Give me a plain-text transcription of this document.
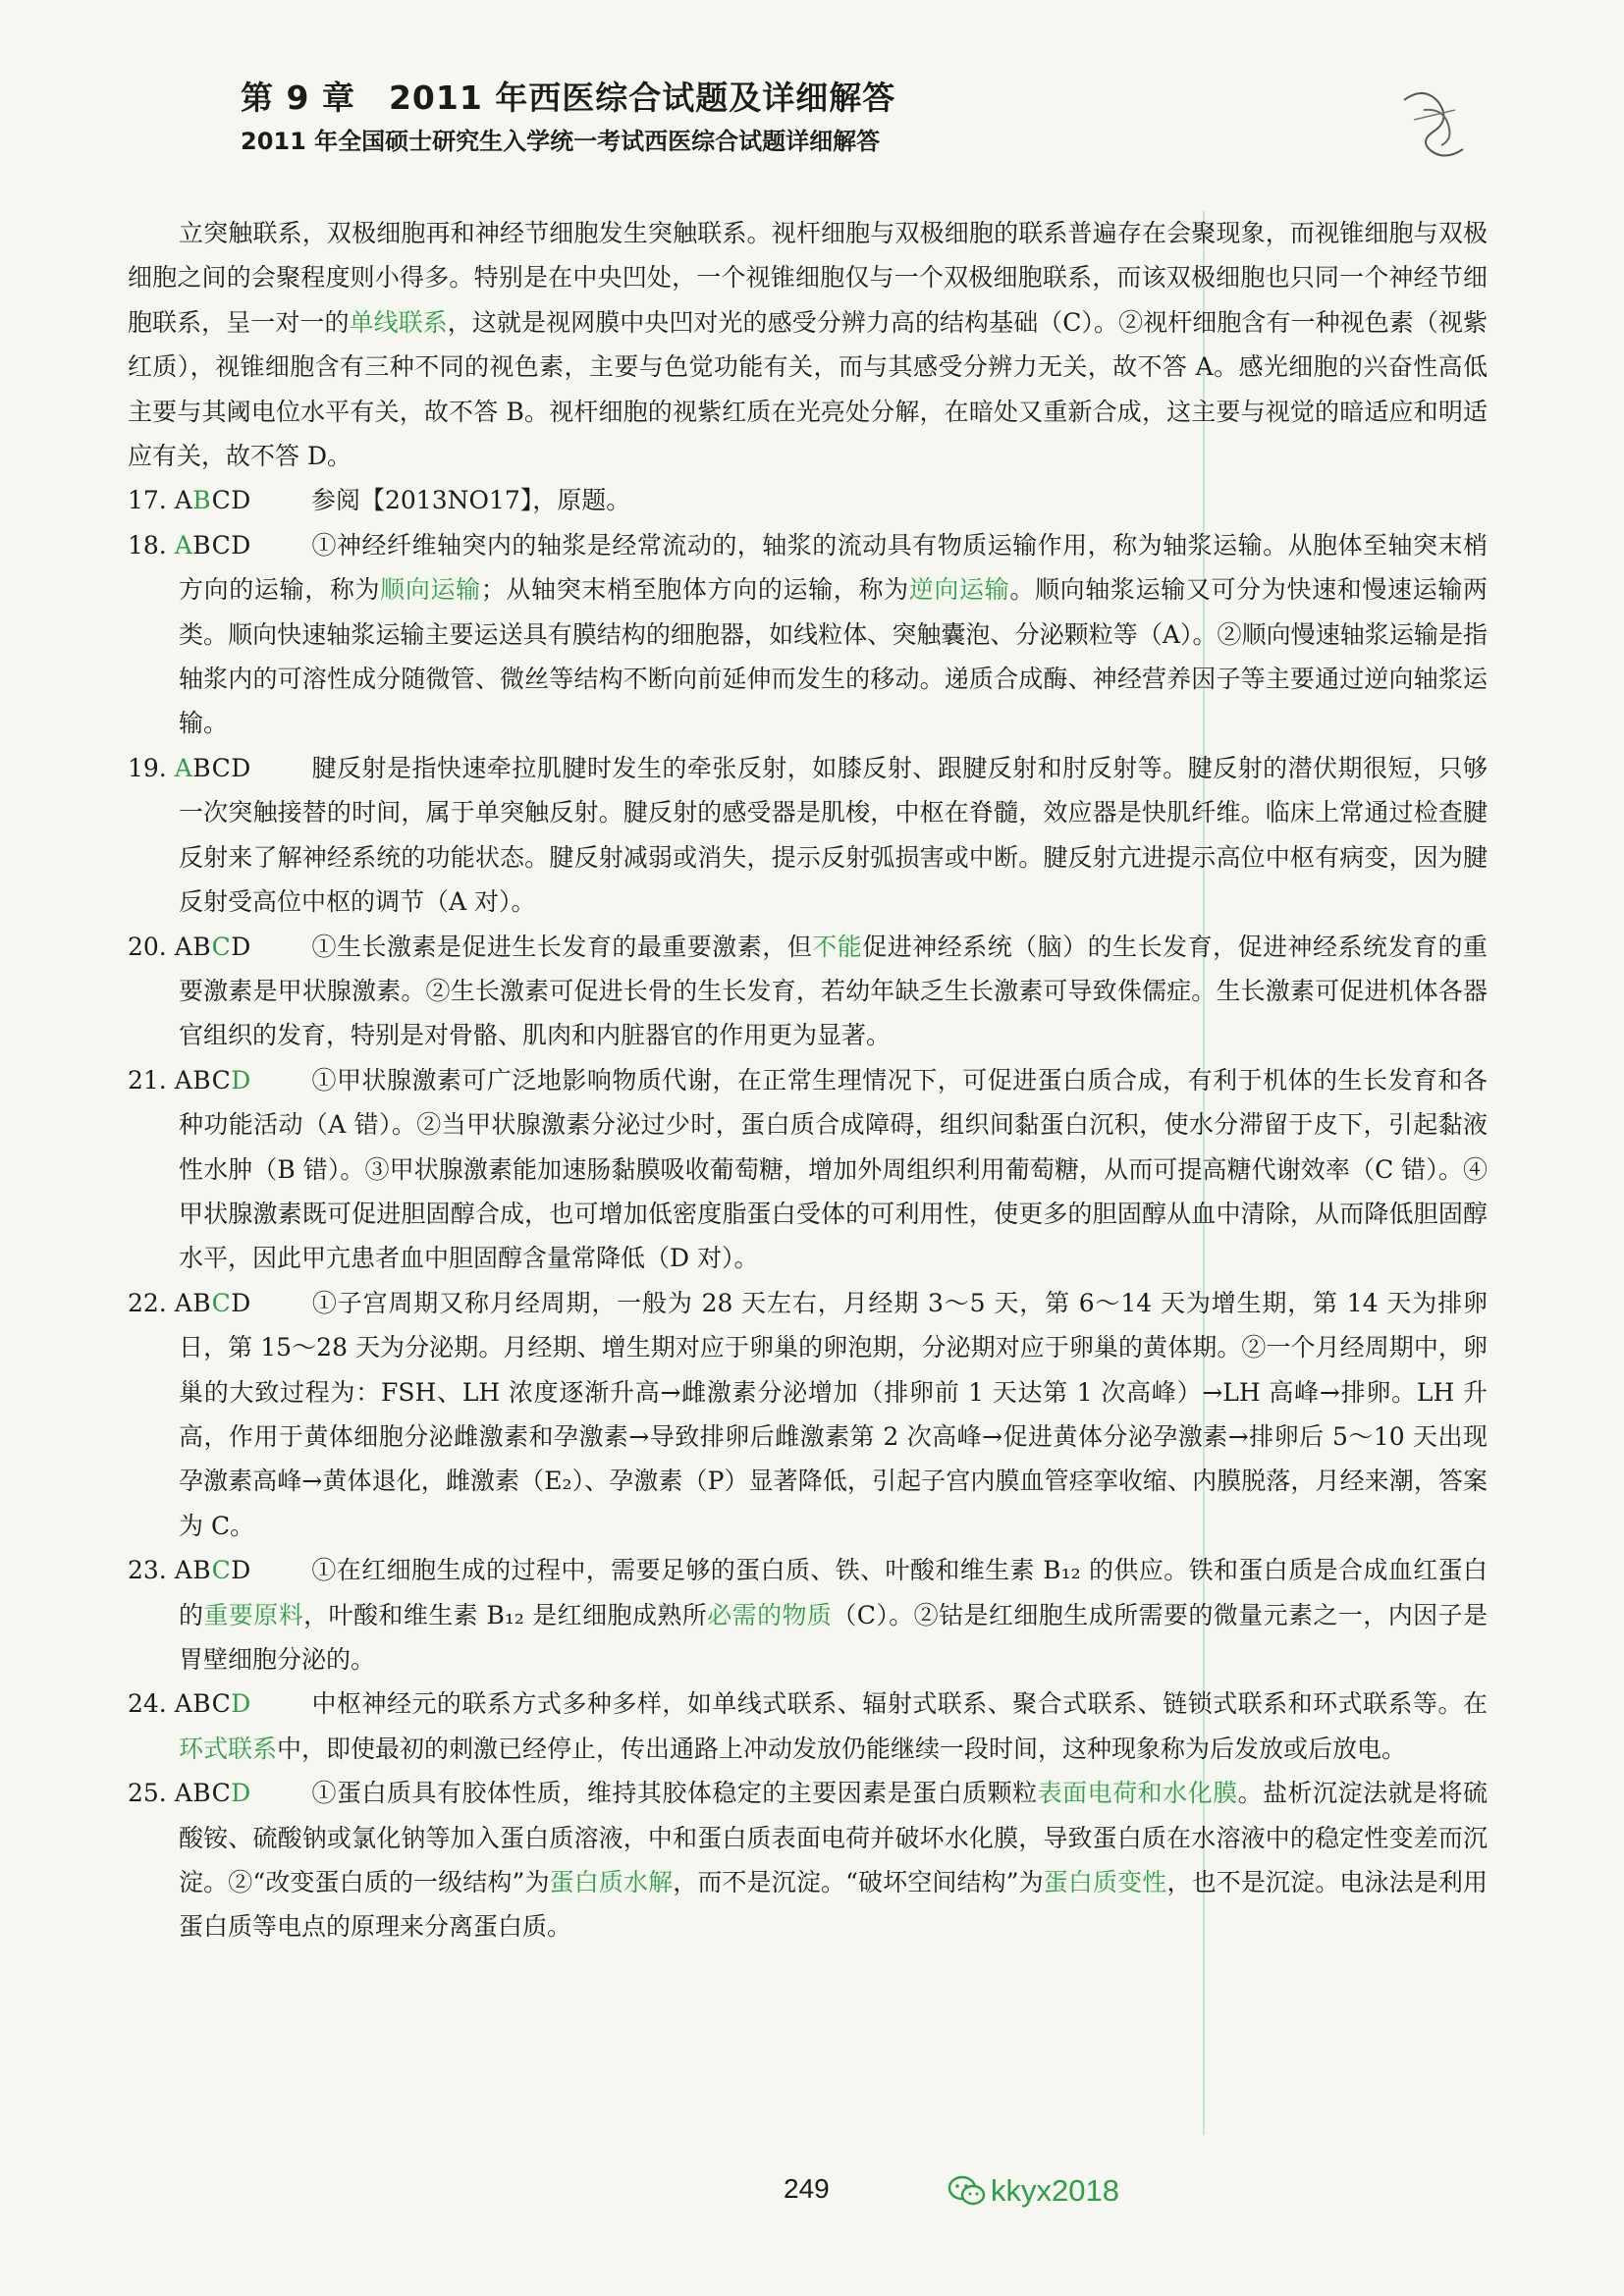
第 9 章 2011 年西医综合试题及详细解答
2011 年全国硕士研究生入学统一考试西医综合试题详细解答

立突触联系，双极细胞再和神经节细胞发生突触联系。视杆细胞与双极细胞的联系普遍存在会聚现象，而视锥细胞与双极细胞之间的会聚程度则小得多。特别是在中央凹处，一个视锥细胞仅与一个双极细胞联系，而该双极细胞也只同一个神经节细胞联系，呈一对一的单线联系，这就是视网膜中央凹对光的感受分辨力高的结构基础（C）。②视杆细胞含有一种视色素（视紫红质），视锥细胞含有三种不同的视色素，主要与色觉功能有关，而与其感受分辨力无关，故不答 A。感光细胞的兴奋性高低主要与其阈电位水平有关，故不答 B。视杆细胞的视紫红质在光亮处分解，在暗处又重新合成，这主要与视觉的暗适应和明适应有关，故不答 D。

17. ABCD	参阅【2013NO17】，原题。

18. ABCD	①神经纤维轴突内的轴浆是经常流动的，轴浆的流动具有物质运输作用，称为轴浆运输。从胞体至轴突末梢方向的运输，称为顺向运输；从轴突末梢至胞体方向的运输，称为逆向运输。顺向轴浆运输又可分为快速和慢速运输两类。顺向快速轴浆运输主要运送具有膜结构的细胞器，如线粒体、突触囊泡、分泌颗粒等（A）。②顺向慢速轴浆运输是指轴浆内的可溶性成分随微管、微丝等结构不断向前延伸而发生的移动。递质合成酶、神经营养因子等主要通过逆向轴浆运输。

19. ABCD	腱反射是指快速牵拉肌腱时发生的牵张反射，如膝反射、跟腱反射和肘反射等。腱反射的潜伏期很短，只够一次突触接替的时间，属于单突触反射。腱反射的感受器是肌梭，中枢在脊髓，效应器是快肌纤维。临床上常通过检查腱反射来了解神经系统的功能状态。腱反射减弱或消失，提示反射弧损害或中断。腱反射亢进提示高位中枢有病变，因为腱反射受高位中枢的调节（A 对）。

20. ABCD	①生长激素是促进生长发育的最重要激素，但不能促进神经系统（脑）的生长发育，促进神经系统发育的重要激素是甲状腺激素。②生长激素可促进长骨的生长发育，若幼年缺乏生长激素可导致侏儒症。生长激素可促进机体各器官组织的发育，特别是对骨骼、肌肉和内脏器官的作用更为显著。

21. ABCD	①甲状腺激素可广泛地影响物质代谢，在正常生理情况下，可促进蛋白质合成，有利于机体的生长发育和各种功能活动（A 错）。②当甲状腺激素分泌过少时，蛋白质合成障碍，组织间黏蛋白沉积，使水分滞留于皮下，引起黏液性水肿（B 错）。③甲状腺激素能加速肠黏膜吸收葡萄糖，增加外周组织利用葡萄糖，从而可提高糖代谢效率（C 错）。④甲状腺激素既可促进胆固醇合成，也可增加低密度脂蛋白受体的可利用性，使更多的胆固醇从血中清除，从而降低胆固醇水平，因此甲亢患者血中胆固醇含量常降低（D 对）。

22. ABCD	①子宫周期又称月经周期，一般为 28 天左右，月经期 3～5 天，第 6～14 天为增生期，第 14 天为排卵日，第 15～28 天为分泌期。月经期、增生期对应于卵巢的卵泡期，分泌期对应于卵巢的黄体期。②一个月经周期中，卵巢的大致过程为：FSH、LH 浓度逐渐升高→雌激素分泌增加（排卵前 1 天达第 1 次高峰）→LH 高峰→排卵。LH 升高，作用于黄体细胞分泌雌激素和孕激素→导致排卵后雌激素第 2 次高峰→促进黄体分泌孕激素→排卵后 5～10 天出现孕激素高峰→黄体退化，雌激素（E₂）、孕激素（P）显著降低，引起子宫内膜血管痉挛收缩、内膜脱落，月经来潮，答案为 C。

23. ABCD	①在红细胞生成的过程中，需要足够的蛋白质、铁、叶酸和维生素 B₁₂ 的供应。铁和蛋白质是合成血红蛋白的重要原料，叶酸和维生素 B₁₂ 是红细胞成熟所必需的物质（C）。②钴是红细胞生成所需要的微量元素之一，内因子是胃壁细胞分泌的。

24. ABCD	中枢神经元的联系方式多种多样，如单线式联系、辐射式联系、聚合式联系、链锁式联系和环式联系等。在环式联系中，即使最初的刺激已经停止，传出通路上冲动发放仍能继续一段时间，这种现象称为后发放或后放电。

25. ABCD	①蛋白质具有胶体性质，维持其胶体稳定的主要因素是蛋白质颗粒表面电荷和水化膜。盐析沉淀法就是将硫酸铵、硫酸钠或氯化钠等加入蛋白质溶液，中和蛋白质表面电荷并破坏水化膜，导致蛋白质在水溶液中的稳定性变差而沉淀。②“改变蛋白质的一级结构”为蛋白质水解，而不是沉淀。“破坏空间结构”为蛋白质变性，也不是沉淀。电泳法是利用蛋白质等电点的原理来分离蛋白质。

249	kkyx2018
